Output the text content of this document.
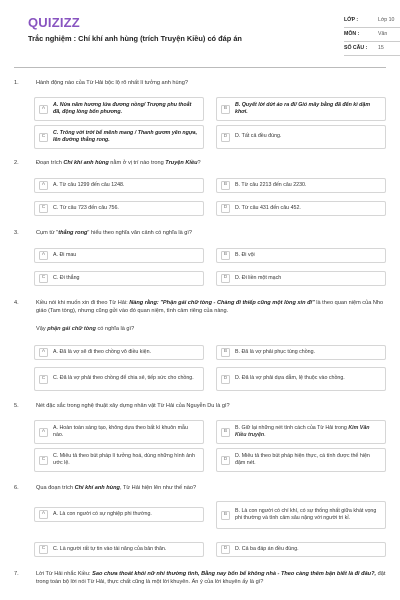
QUIZIZZ
Trắc nghiệm : Chí khí anh hùng (trích Truyện Kiều) có đáp án
LỚP :	Lớp 10
MÔN :	Văn
SỐ CÂU :	15
1.	Hành động nào của Từ Hải bộc lộ rõ nhất lí tưởng anh hùng?
A
A. Nửa năm hương lửa đương nồng/ Trượng phu thoắt đã, động lòng bốn phương.
B
B. Quyết lời dứt áo ra đi/ Gió mây bằng đã đến kì dặm khơi.
C
C. Trông vời trời bể mênh mang / Thanh gươm yên ngựa, lên đường thẳng rong.
D	D. Tất cả đều đúng.
2.	Đoạn trích Chí khí anh hùng nằm ở vị trí nào trong Truyện Kiều?
A	A. Từ câu 1299 đến câu 1248.	B	B. Từ câu 2213 đến câu 2230.
C	C. Từ câu 723 đến câu 756.	D	D. Từ câu 431 đến câu 452.
3.	Cụm từ "thẳng rong" hiểu theo nghĩa văn cảnh có nghĩa là gì?
A	A. Đi mau	B	B. Đi vội
C	C. Đi thẳng	D	D. Đi liền một mạch
4.	Kiều nói khi muốn xin đi theo Từ Hải: Nàng rằng: "Phận gái chữ tòng - Chàng đi thiếp cũng một lòng xin đi" là theo quan niệm của Nho giáo (Tam tòng), nhưng cũng gửi vào đó quan niệm, tình cảm riêng của nàng.
Vậy phận gái chữ tòng có nghĩa là gì?
A	A. Đã là vợ sẽ đi theo chồng vô điều kiện.	B	B. Đã là vợ phải phục tùng chồng.
C	C. Đã là vợ phải theo chồng để chia sẻ, tiếp sức cho chồng.	D	D. Đã là vợ phải dựa dẫm, lệ thuộc vào chồng.
5.	Nét đặc sắc trong nghệ thuật xây dựng nhân vật Từ Hải của Nguyễn Du là gì?
A
A. Hoàn toàn sáng tạo, không dựa theo bất kì khuôn mẫu nào.
B
B. Giữ lại những nét tính cách của Từ Hải trong Kim Vân Kiều truyện.
C
C. Miêu tả theo bút pháp lí tưởng hoá, dùng những hình ảnh ước lệ.
D
D. Miêu tả theo bút pháp hiện thực, cá tính được thể hiện đậm nét.
6.	Qua đoạn trích Chí khí anh hùng, Từ Hải hiện lên như thế nào?
A	A. Là con người có sự nghiệp phi thường.	B
B. Là con người có chí khí, có sự thống nhất giữa khát vọng phi thường và tình cảm sâu nặng với người tri kỉ.
C	C. Là người rất tự tin vào tài năng của bản thân.	D	D. Cả ba đáp án đều đúng.
7.	Lời Từ Hải nhắc Kiều: Sao chưa thoát khỏi nữ nhi thường tình, Bằng nay bốn bể không nhà - Theo càng thêm bận biết là đi đâu?, đặt trong toàn bộ lời nói Từ Hải, thực chất cũng là một lời khuyên. Ẩn ý của lời khuyên ấy là gì?
